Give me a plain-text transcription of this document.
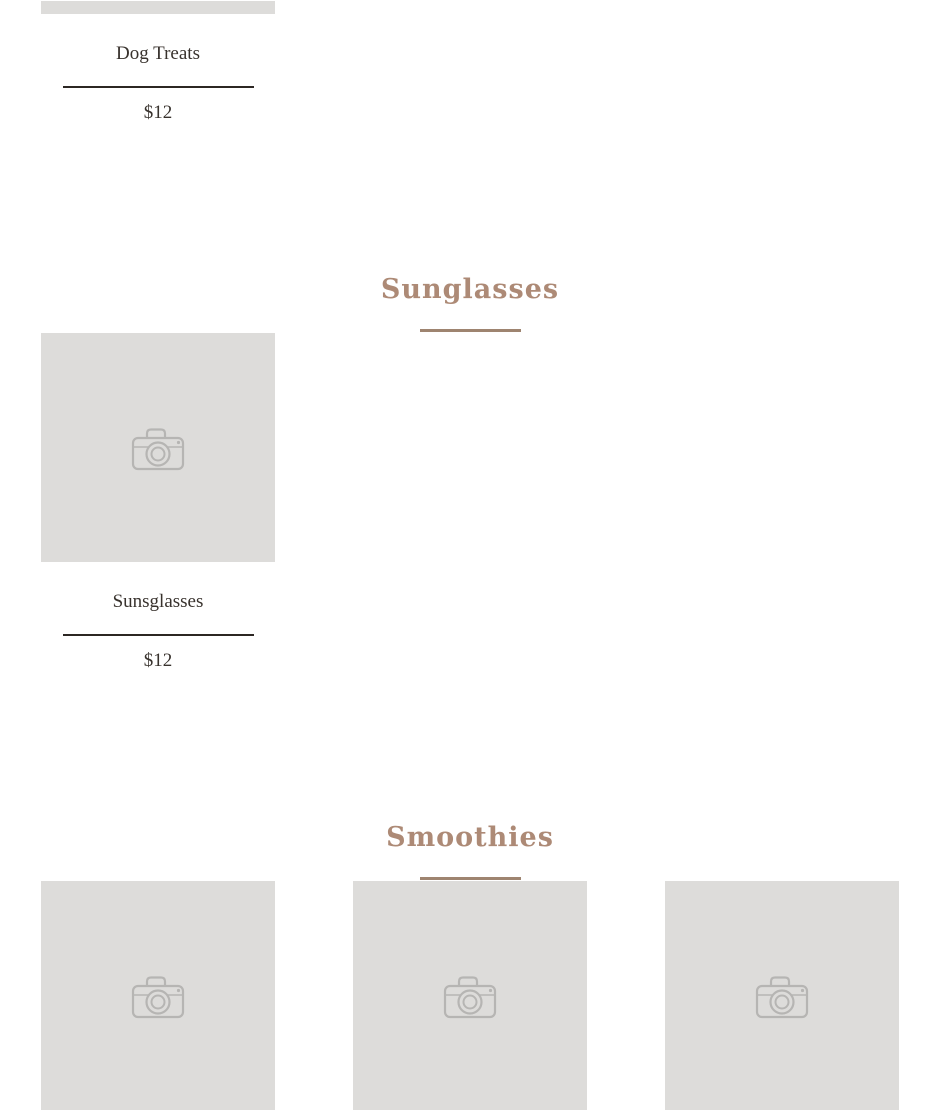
Dog Treats
$12
Sunglasses
Sunsglasses
$12
Smoothies
